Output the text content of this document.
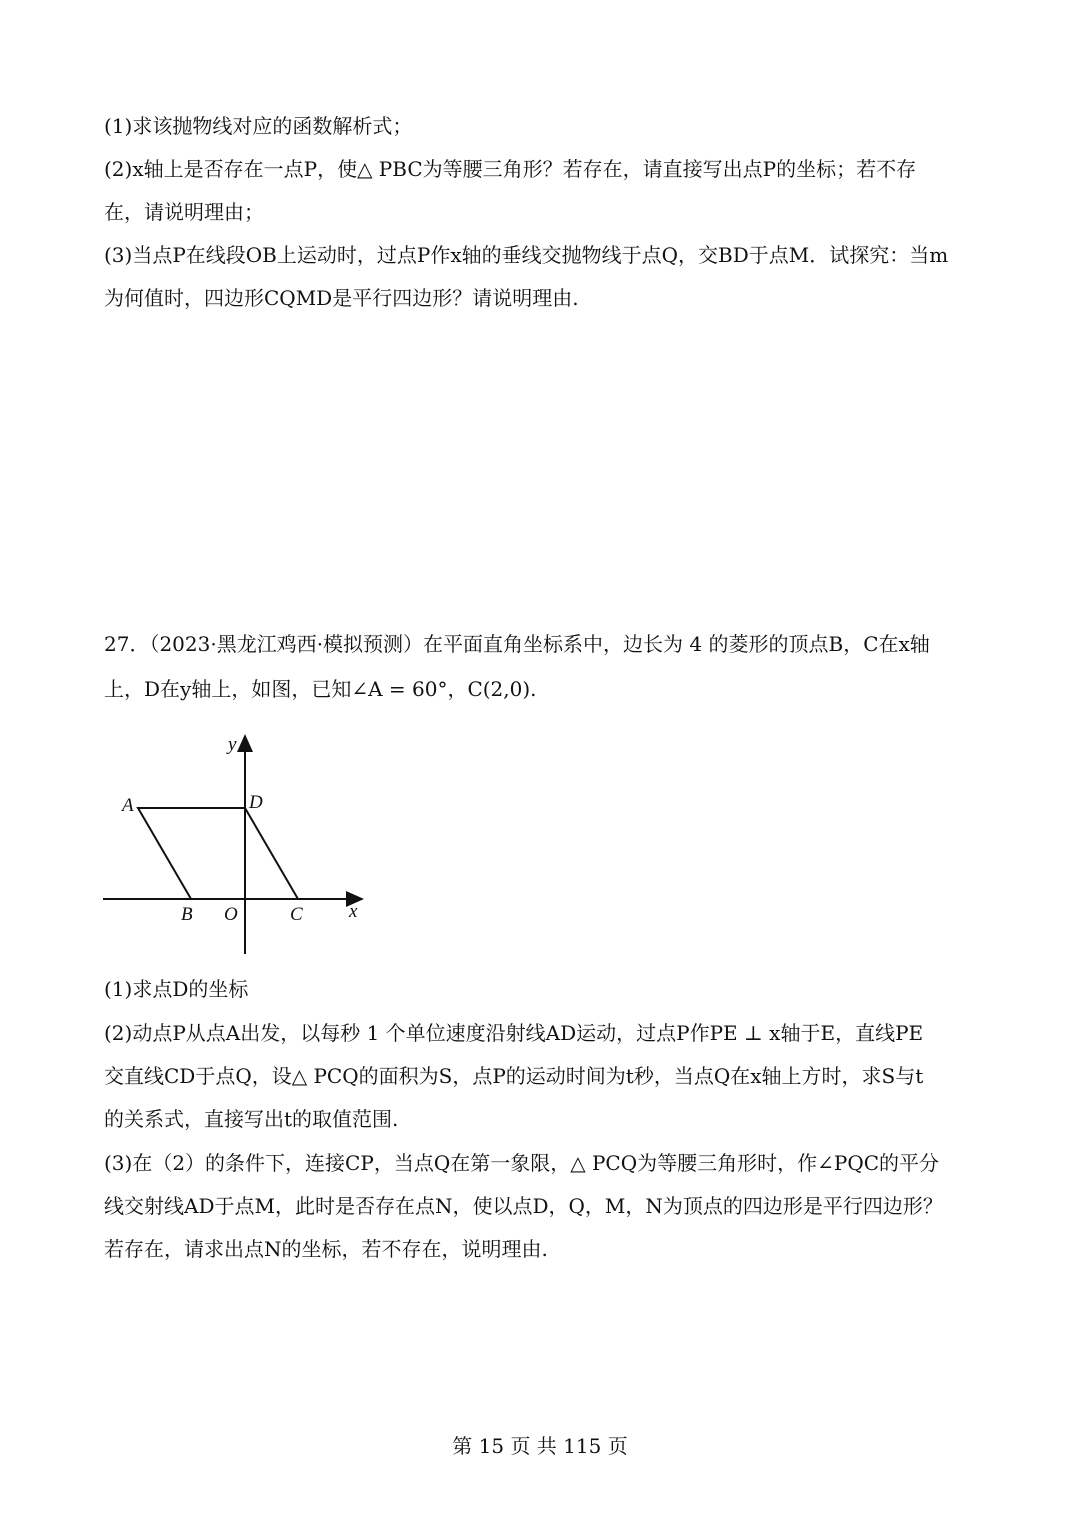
(1)求该抛物线对应的函数解析式；
(2)x轴上是否存在一点P，使△ PBC为等腰三角形？若存在，请直接写出点P的坐标；若不存
在，请说明理由；
(3)当点P在线段OB上运动时，过点P作x轴的垂线交抛物线于点Q，交BD于点M．试探究：当m
为何值时，四边形CQMD是平行四边形？请说明理由.
27．（2023·黑龙江鸡西·模拟预测）在平面直角坐标系中，边长为 4 的菱形的顶点B，C在x轴
上，D在y轴上，如图，已知∠A = 60°，C(2,0).
y
A	D
B O	C x
(1)求点D的坐标
(2)动点P从点A出发，以每秒 1 个单位速度沿射线AD运动，过点P作PE ⊥ x轴于E，直线PE
交直线CD于点Q，设△ PCQ的面积为S，点P的运动时间为t秒，当点Q在x轴上方时，求S与t
的关系式，直接写出t的取值范围.
(3)在（2）的条件下，连接CP，当点Q在第一象限，△ PCQ为等腰三角形时，作∠PQC的平分
线交射线AD于点M，此时是否存在点N，使以点D，Q，M，N为顶点的四边形是平行四边形？
若存在，请求出点N的坐标，若不存在，说明理由.
第 15 页 共 115 页
